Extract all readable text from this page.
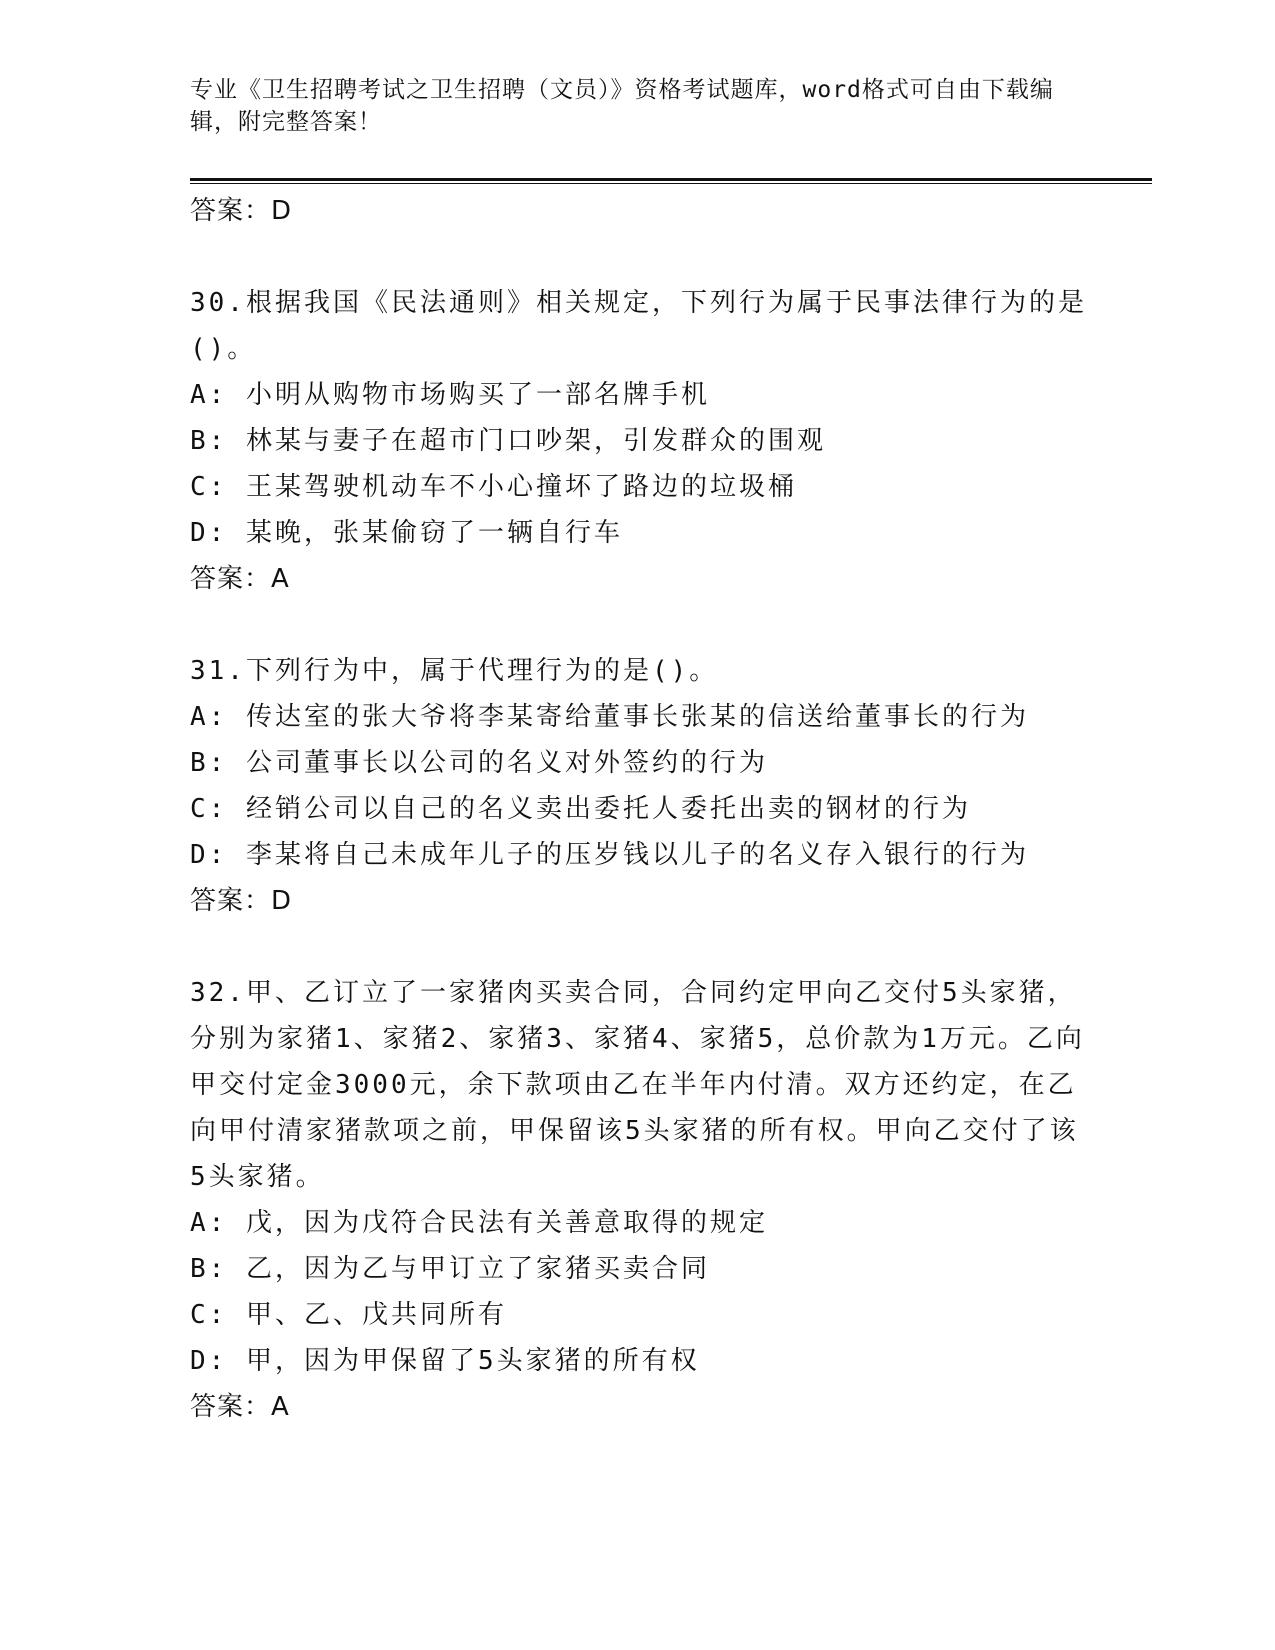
专业《卫生招聘考试之卫生招聘（文员）》资格考试题库，word格式可自由下载编辑，附完整答案！
答案：D
30.根据我国《民法通则》相关规定，下列行为属于民事法律行为的是()。
A: 小明从购物市场购买了一部名牌手机
B: 林某与妻子在超市门口吵架，引发群众的围观
C: 王某驾驶机动车不小心撞坏了路边的垃圾桶
D: 某晚，张某偷窃了一辆自行车
答案：A
31.下列行为中，属于代理行为的是()。
A: 传达室的张大爷将李某寄给董事长张某的信送给董事长的行为
B: 公司董事长以公司的名义对外签约的行为
C: 经销公司以自己的名义卖出委托人委托出卖的钢材的行为
D: 李某将自己未成年儿子的压岁钱以儿子的名义存入银行的行为
答案：D
32.甲、乙订立了一家猪肉买卖合同，合同约定甲向乙交付5头家猪，分别为家猪1、家猪2、家猪3、家猪4、家猪5，总价款为1万元。乙向甲交付定金3000元，余下款项由乙在半年内付清。双方还约定，在乙向甲付清家猪款项之前，甲保留该5头家猪的所有权。甲向乙交付了该5头家猪。
A: 戊，因为戊符合民法有关善意取得的规定
B: 乙，因为乙与甲订立了家猪买卖合同
C: 甲、乙、戊共同所有
D: 甲，因为甲保留了5头家猪的所有权
答案：A
